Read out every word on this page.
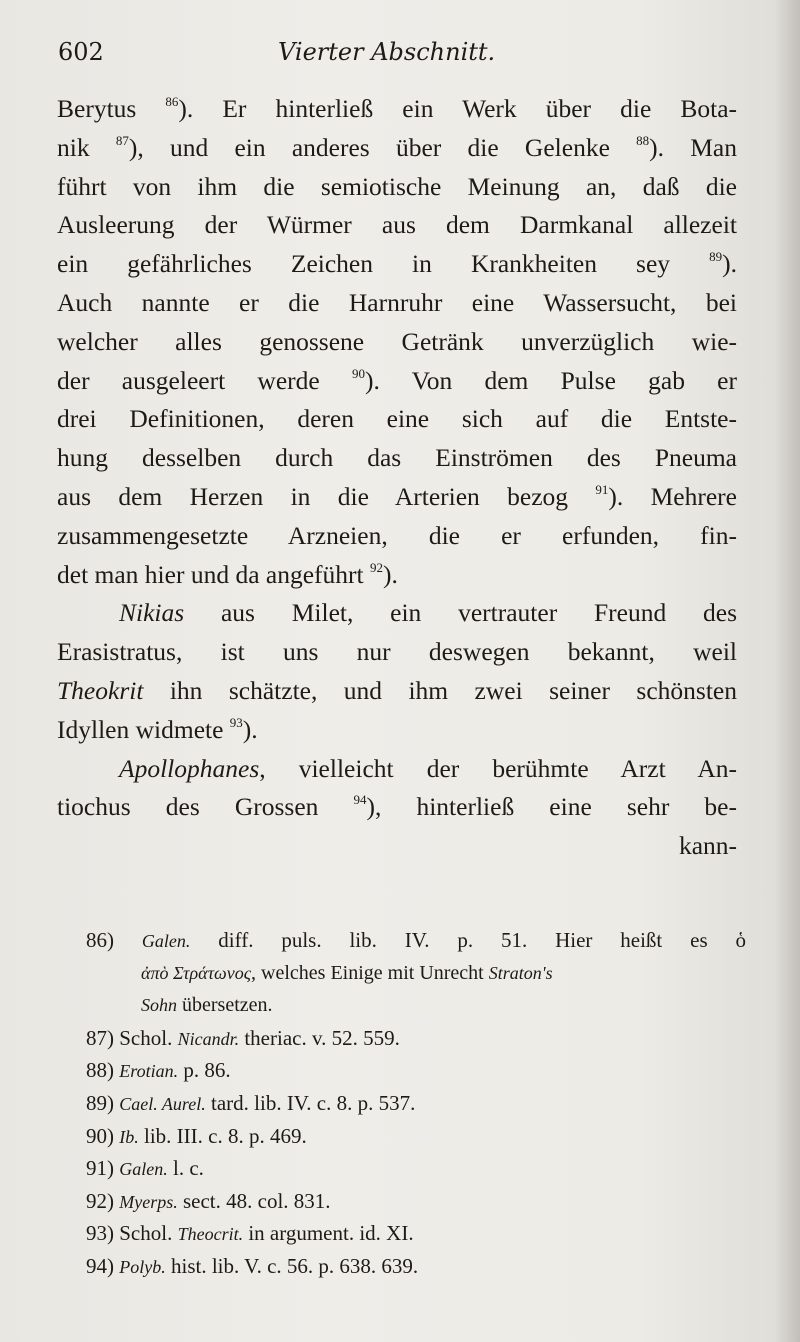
602	Vierter Abschnitt.
Berytus $^{86}$). Er hinterließ ein Werk über die Bota-
nik $^{87}$), und ein anderes über die Gelenke $^{88}$). Man
führt von ihm die semiotische Meinung an, daß die
Ausleerung der Würmer aus dem Darmkanal allezeit
ein gefährliches Zeichen in Krankheiten sey $^{89}$).
Auch nannte er die Harnruhr eine Wassersucht, bei
welcher alles genossene Getränk unverzüglich wie-
der ausgeleert werde $^{90}$). Von dem Pulse gab er
drei Definitionen, deren eine sich auf die Entste-
hung desselben durch das Einströmen des Pneuma
aus dem Herzen in die Arterien bezog $^{91}$). Mehrere
zusammengesetzte Arzneien, die er erfunden, fin-
det man hier und da angeführt $^{92}$).
Nikias aus Milet, ein vertrauter Freund des
Erasistratus, ist uns nur deswegen bekannt, weil
Theokrit ihn schätzte, und ihm zwei seiner schönsten
Idyllen widmete $^{93}$).
Apollophanes, vielleicht der berühmte Arzt An-
tiochus des Grossen $^{94}$), hinterließ eine sehr be-
kann-
86) Galen. diff. puls. lib. IV. p. 51. Hier heißt es ὁ
ἀπὸ Στράτωνος, welches Einige mit Unrecht Straton's
Sohn übersetzen.
87) Schol. Nicandr. theriac. v. 52. 559.
88) Erotian. p. 86.
89) Cael. Aurel. tard. lib. IV. c. 8. p. 537.
90) Ib. lib. III. c. 8. p. 469.
91) Galen. l. c.
92) Myerps. sect. 48. col. 831.
93) Schol. Theocrit. in argument. id. XI.
94) Polyb. hist. lib. V. c. 56. p. 638. 639.
